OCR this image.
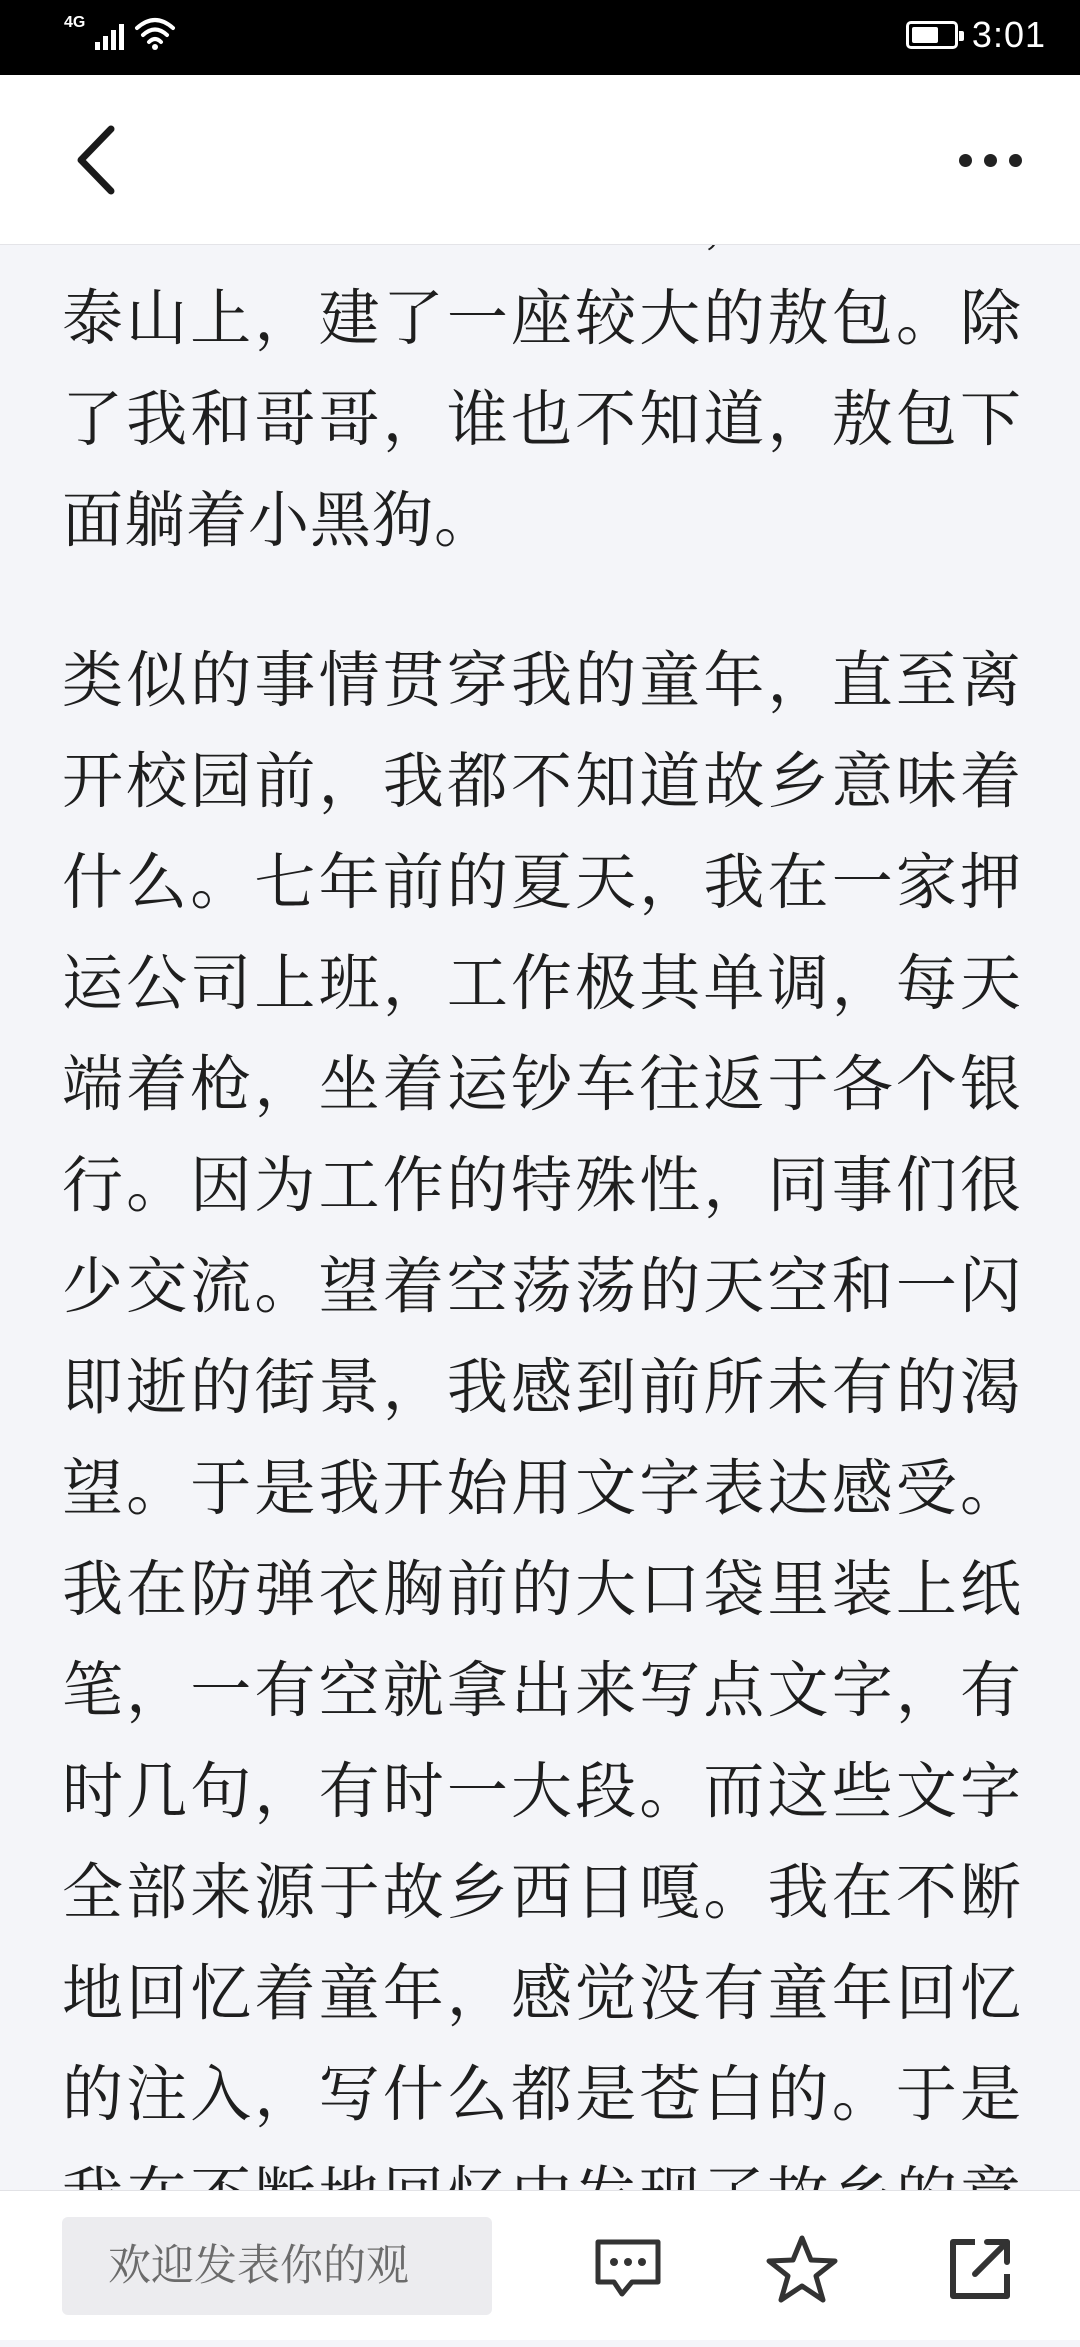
4G	3:01

泰山上，建了一座较大的敖包。除了我和哥哥，谁也不知道，敖包下面躺着小黑狗。

类似的事情贯穿我的童年，直至离开校园前，我都不知道故乡意味着什么。七年前的夏天，我在一家押运公司上班，工作极其单调，每天端着枪，坐着运钞车往返于各个银行。因为工作的特殊性，同事们很少交流。望着空荡荡的天空和一闪即逝的街景，我感到前所未有的渴望。于是我开始用文字表达感受。我在防弹衣胸前的大口袋里装上纸笔，一有空就拿出来写点文字，有时几句，有时一大段。而这些文字全部来源于故乡西日嘎。我在不断地回忆着童年，感觉没有童年回忆的注入，写什么都是苍白的。于是

欢迎发表你的观
